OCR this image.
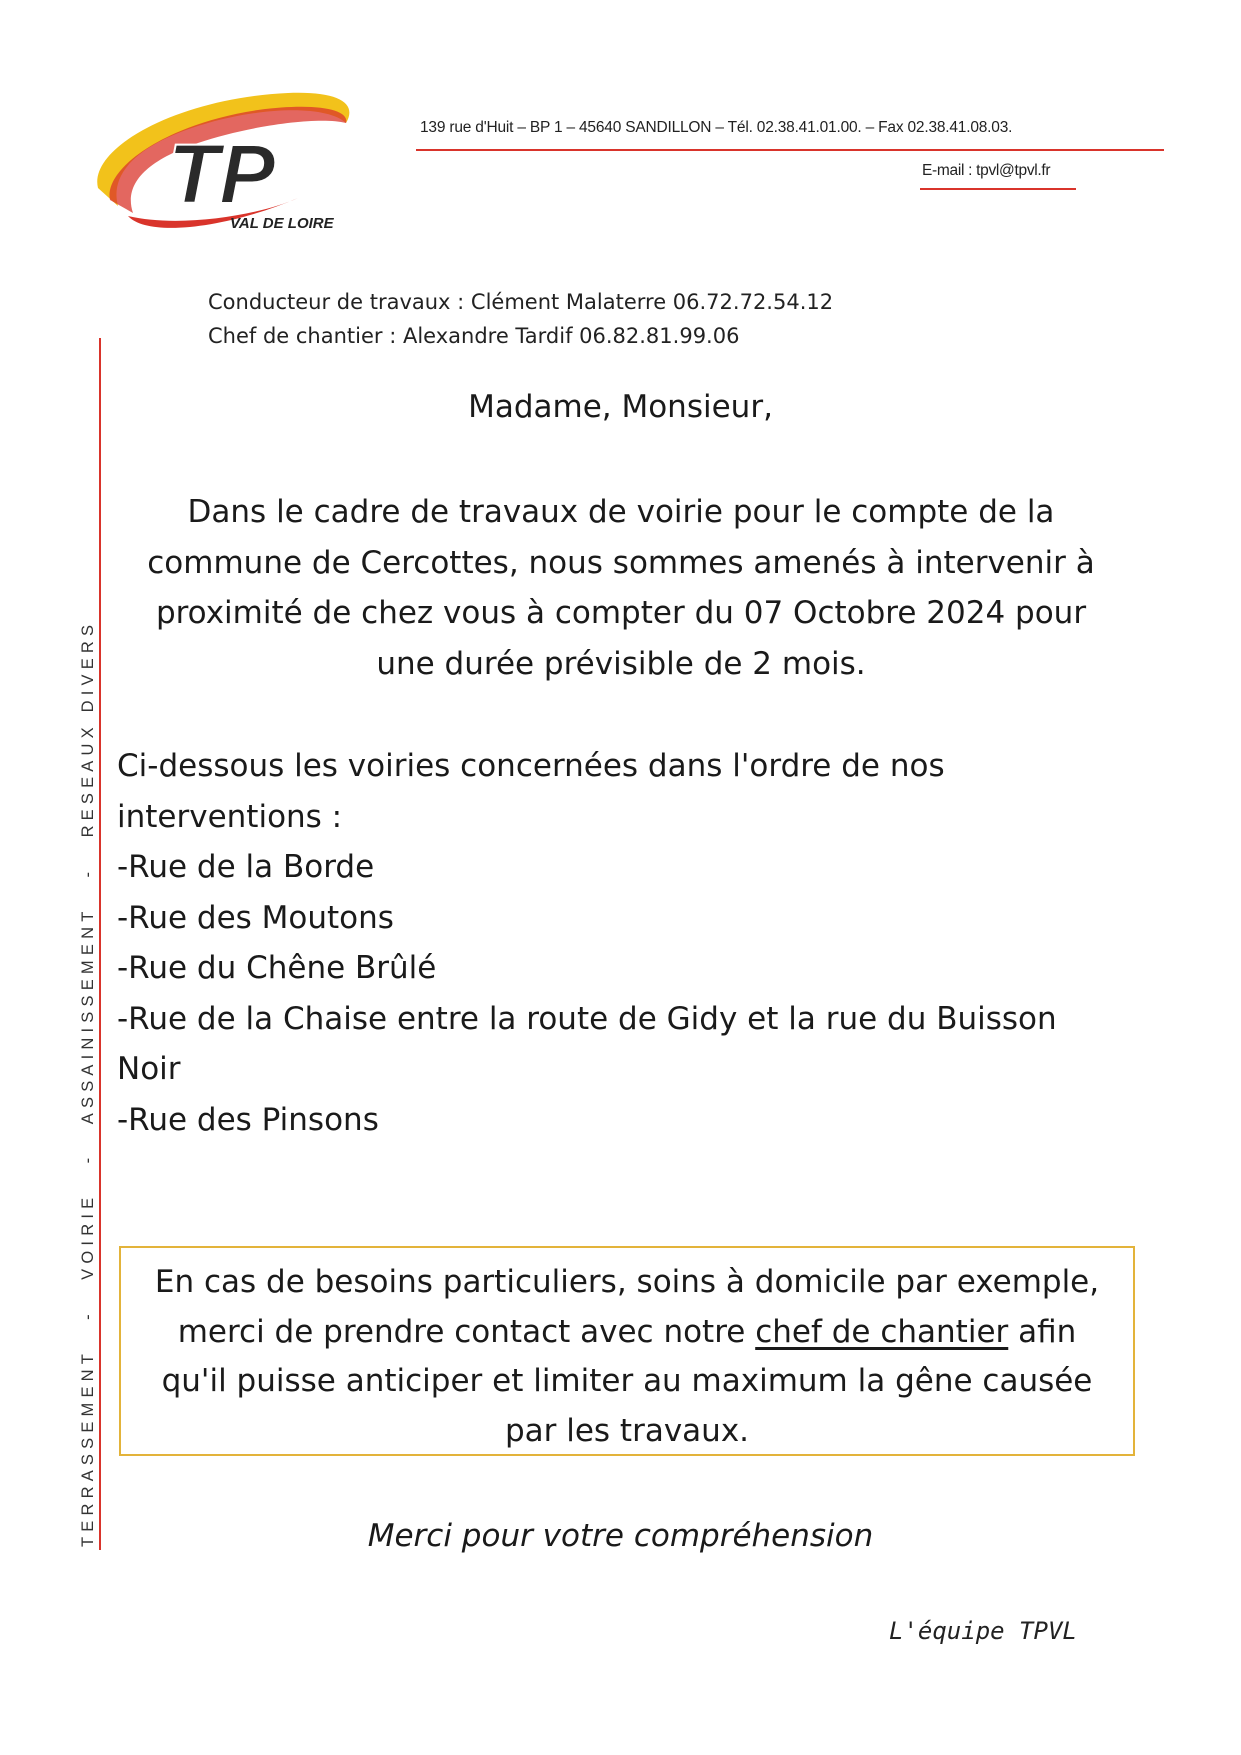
TP
VAL DE LOIRE
139 rue d'Huit – BP 1 – 45640 SANDILLON – Tél. 02.38.41.01.00. – Fax 02.38.41.08.03.
E-mail : tpvl@tpvl.fr
Conducteur de travaux : Clément Malaterre 06.72.72.54.12
Chef de chantier : Alexandre Tardif 06.82.81.99.06
TERRASSEMENT   -   VOIRIE   -   ASSAINISSEMENT   -   RESEAUX DIVERS
Madame, Monsieur,
Dans le cadre de travaux de voirie pour le compte de la
commune de Cercottes, nous sommes amenés à intervenir à
proximité de chez vous à compter du 07 Octobre 2024 pour
une durée prévisible de 2 mois.
Ci-dessous les voiries concernées dans l'ordre de nos
interventions :
-Rue de la Borde
-Rue des Moutons
-Rue du Chêne Brûlé
-Rue de la Chaise entre la route de Gidy et la rue du Buisson
Noir
-Rue des Pinsons
En cas de besoins particuliers, soins à domicile par exemple,
merci de prendre contact avec notre chef de chantier afin
qu'il puisse anticiper et limiter au maximum la gêne causée
par les travaux.
Merci pour votre compréhension
L'équipe TPVL
